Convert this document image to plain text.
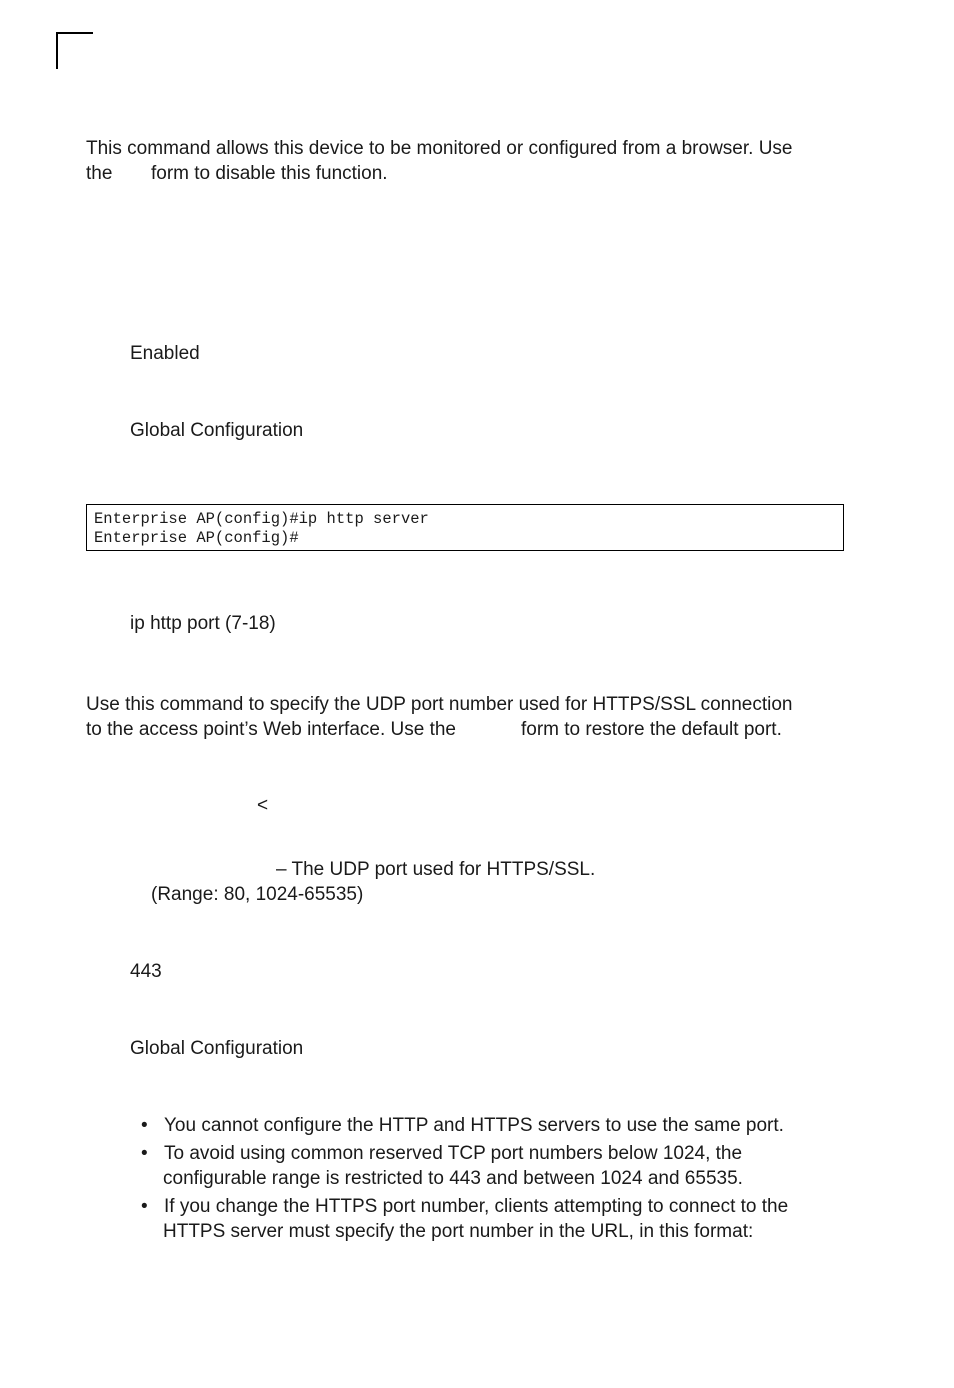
This command allows this device to be monitored or configured from a browser. Use
the form to disable this function.
Enabled
Global Configuration
Enterprise AP(config)#ip http server
Enterprise AP(config)#
ip http port (7-18)
Use this command to specify the UDP port number used for HTTPS/SSL connection
to the access point’s Web interface. Use the	form to restore the default port.
<
– The UDP port used for HTTPS/SSL.
(Range: 80, 1024-65535)
443
Global Configuration
• You cannot configure the HTTP and HTTPS servers to use the same port.
• To avoid using common reserved TCP port numbers below 1024, the
configurable range is restricted to 443 and between 1024 and 65535.
• If you change the HTTPS port number, clients attempting to connect to the
HTTPS server must specify the port number in the URL, in this format:
